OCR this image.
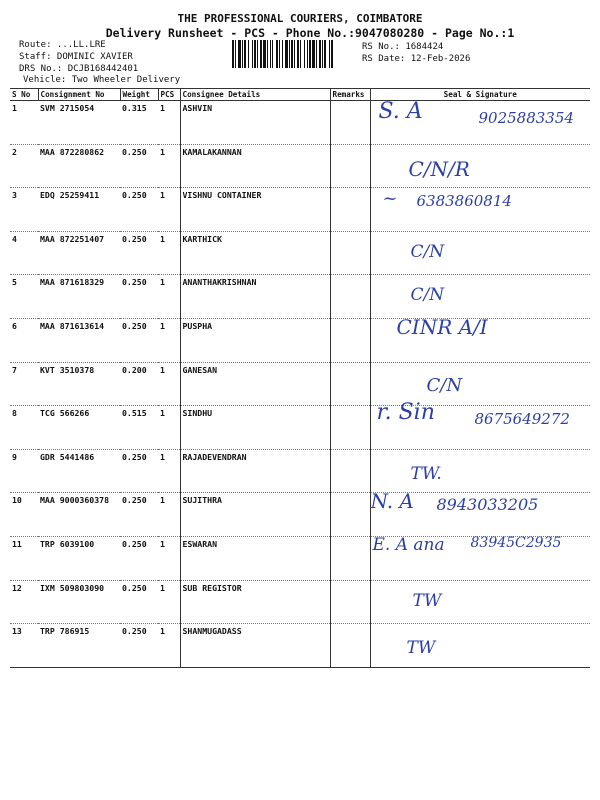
THE PROFESSIONAL COURIERS, COIMBATORE
Delivery Runsheet - PCS - Phone No.:9047080280 - Page No.:1
Route: ...LL.LRE
Staff: DOMINIC XAVIER
DRS No.: DCJB168442401
Vehicle: Two Wheeler Delivery
RS No.: 1684424
RS Date: 12-Feb-2026
S No	Consignment No	Weight	PCS	Consignee Details	Remarks	Seal & Signature
1	SVM 2715054	0.315	1	ASHVIN		S. A 9025883354

2	MAA 872280862	0.250	1	KAMALAKANNAN		C/N/R

3	EDQ 25259411	0.250	1	VISHNU CONTAINER		~ 6383860814

4	MAA 872251407	0.250	1	KARTHICK		C/N

5	MAA 871618329	0.250	1	ANANTHAKRISHNAN		C/N

6	MAA 871613614	0.250	1	PUSPHA		CINR A/I

7	KVT 3510378	0.200	1	GANESAN		C/N

8	TCG 566266	0.515	1	SINDHU		r. Sin 8675649272

9	GDR 5441486	0.250	1	RAJADEVENDRAN		TW.

10	MAA 9000360378	0.250	1	SUJITHRA		N. A 8943033205

11	TRP 6039100	0.250	1	ESWARAN		E. A ana 83945C2935

12	IXM 509803090	0.250	1	SUB REGISTOR		TW

13	TRP 786915	0.250	1	SHANMUGADASS		TW
